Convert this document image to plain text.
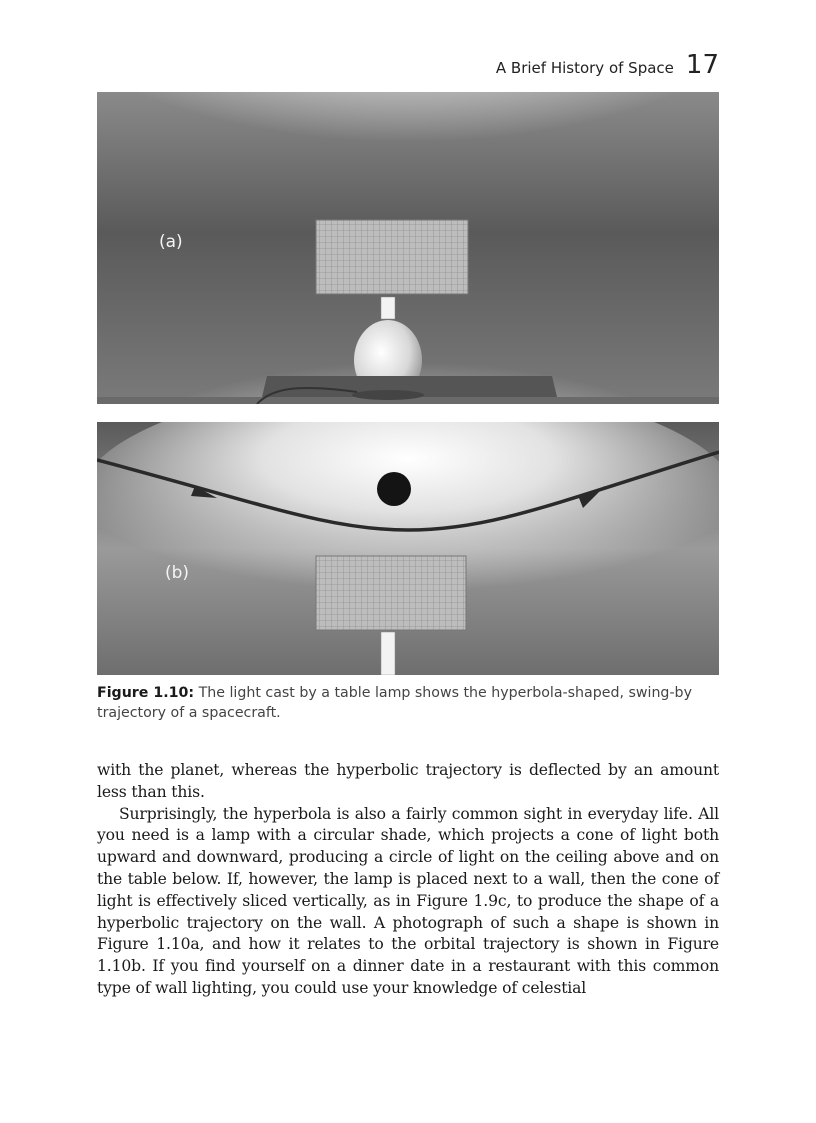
A Brief History of Space 17
(a)
(b)
Figure 1.10: The light cast by a table lamp shows the hyperbola-shaped, swing-by trajectory of a spacecraft.

with the planet, whereas the hyperbolic trajectory is deflected by an amount less than this.

Surprisingly, the hyperbola is also a fairly common sight in everyday life. All you need is a lamp with a circular shade, which projects a cone of light both upward and downward, producing a circle of light on the ceiling above and on the table below. If, however, the lamp is placed next to a wall, then the cone of light is effectively sliced vertically, as in Figure 1.9c, to produce the shape of a hyperbolic trajectory on the wall. A photograph of such a shape is shown in Figure 1.10a, and how it relates to the orbital trajectory is shown in Figure 1.10b. If you find yourself on a dinner date in a restaurant with this common type of wall lighting, you could use your knowledge of celestial
